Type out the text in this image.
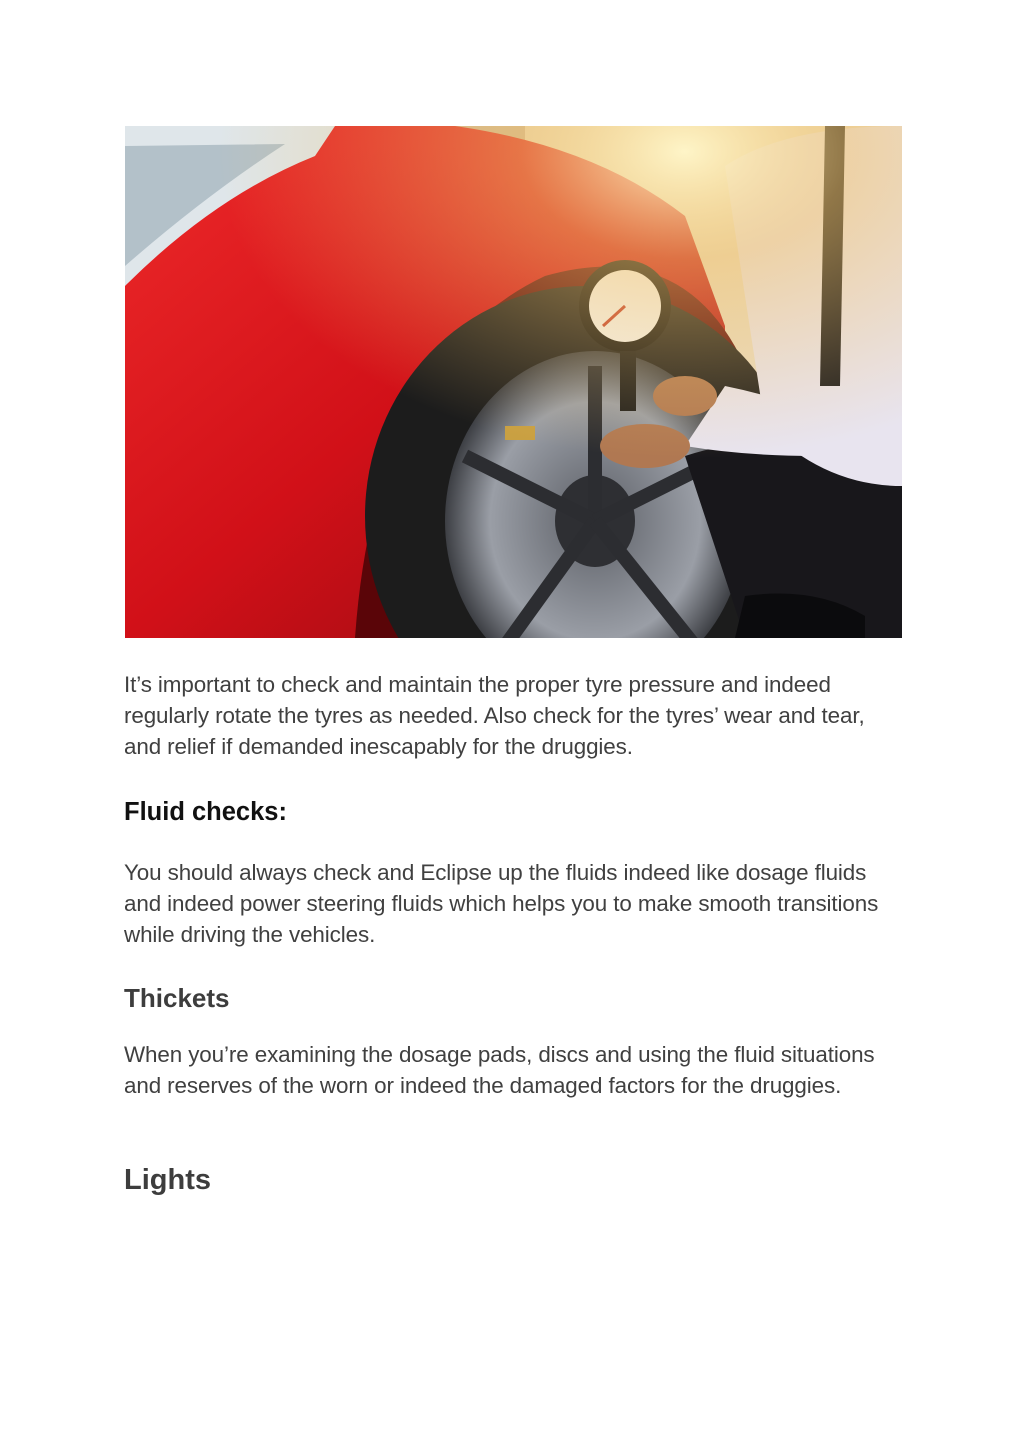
It’s important to check and maintain the proper tyre pressure and indeed regularly rotate the tyres as needed. Also check for the tyres’ wear and tear, and relief if demanded inescapably for the druggies.

Fluid checks:

You should always check and Eclipse up the fluids indeed like dosage fluids and indeed power steering fluids which helps you to make smooth transitions while driving the vehicles.

Thickets

When you’re examining the dosage pads, discs and using the fluid situations and reserves of the worn or indeed the damaged factors for the druggies.

Lights
